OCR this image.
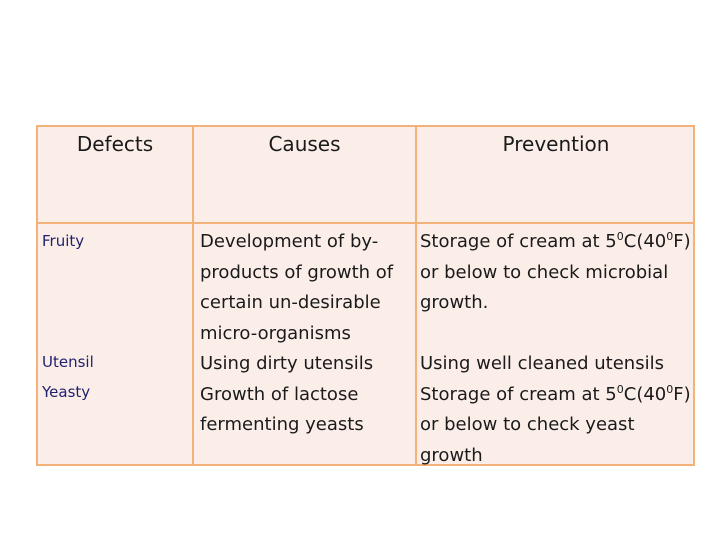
Defects	Causes	Prevention
Fruity
Utensil
Yeasty
Development of by-
products of growth of
certain un-desirable
micro-organisms
Using dirty utensils
Growth of lactose
fermenting yeasts
Storage of cream at $5^0C(40^0F)$
or below to check microbial
growth.
Using well cleaned utensils
Storage of cream at $5^0C(40^0F)$
or below to check yeast
growth
